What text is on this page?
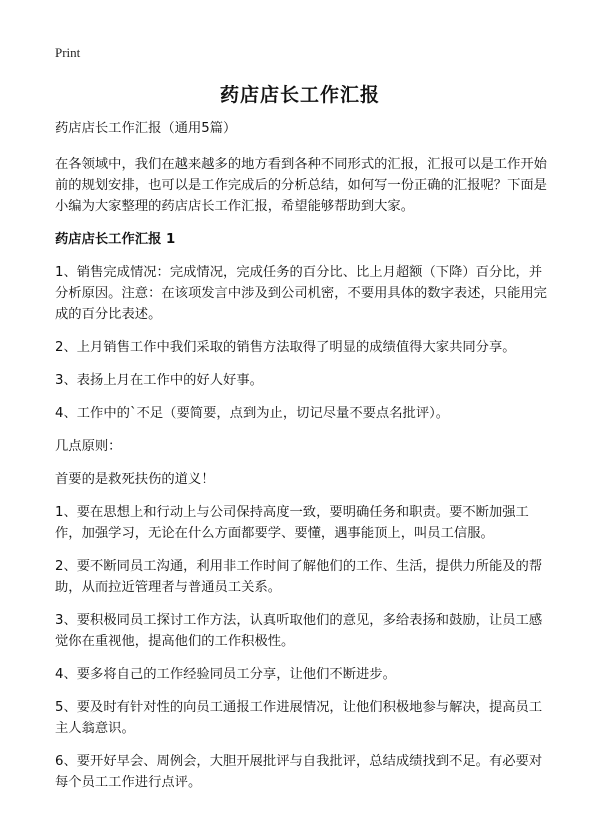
Print
药店店长工作汇报

药店店长工作汇报（通用5篇）

在各领域中，我们在越来越多的地方看到各种不同形式的汇报，汇报可以是工作开始前的规划安排，也可以是工作完成后的分析总结，如何写一份正确的汇报呢？下面是小编为大家整理的药店店长工作汇报，希望能够帮助到大家。

药店店长工作汇报 1

1、销售完成情况：完成情况，完成任务的百分比、比上月超额（下降）百分比，并分析原因。注意：在该项发言中涉及到公司机密，不要用具体的数字表述，只能用完成的百分比表述。

2、上月销售工作中我们采取的销售方法取得了明显的成绩值得大家共同分享。

3、表扬上月在工作中的好人好事。

4、工作中的`不足（要简要，点到为止，切记尽量不要点名批评）。

几点原则：

首要的是救死扶伤的道义！

1、要在思想上和行动上与公司保持高度一致，要明确任务和职责。要不断加强工作，加强学习，无论在什么方面都要学、要懂，遇事能顶上，叫员工信服。

2、要不断同员工沟通，利用非工作时间了解他们的工作、生活，提供力所能及的帮助，从而拉近管理者与普通员工关系。

3、要积极同员工探讨工作方法，认真听取他们的意见，多给表扬和鼓励，让员工感觉你在重视他，提高他们的工作积极性。

4、要多将自己的工作经验同员工分享，让他们不断进步。

5、要及时有针对性的向员工通报工作进展情况，让他们积极地参与解决，提高员工主人翁意识。

6、要开好早会、周例会，大胆开展批评与自我批评，总结成绩找到不足。有必要对每个员工工作进行点评。
